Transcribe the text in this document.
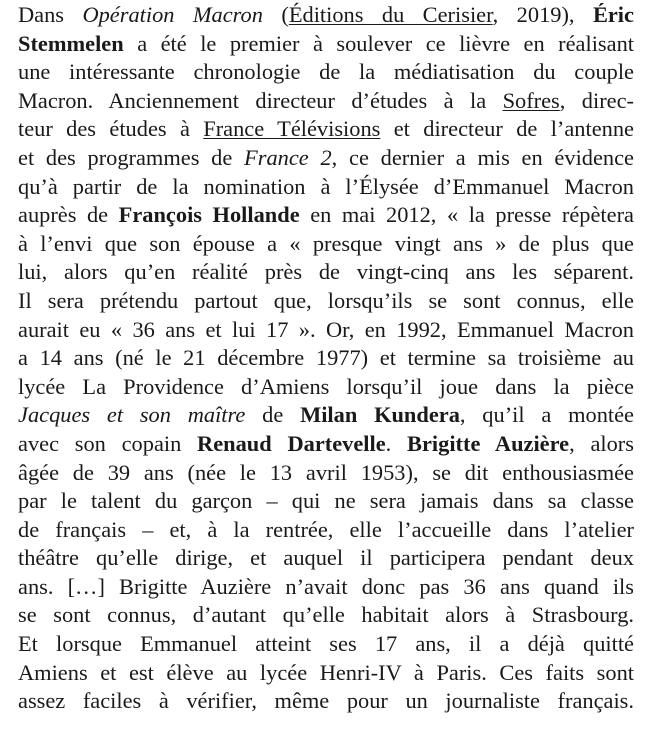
Dans Opération Macron (Éditions du Cerisier, 2019), Éric
Stemmelen a été le premier à soulever ce lièvre en réalisant
une intéressante chronologie de la médiatisation du couple
Macron. Anciennement directeur d’études à la Sofres, direc-
teur des études à France Télévisions et directeur de l’antenne
et des programmes de France 2, ce dernier a mis en évidence
qu’à partir de la nomination à l’Élysée d’Emmanuel Macron
auprès de François Hollande en mai 2012, « la presse répètera
à l’envi que son épouse a « presque vingt ans » de plus que
lui, alors qu’en réalité près de vingt-cinq ans les séparent.
Il sera prétendu partout que, lorsqu’ils se sont connus, elle
aurait eu « 36 ans et lui 17 ». Or, en 1992, Emmanuel Macron
a 14 ans (né le 21 décembre 1977) et termine sa troisième au
lycée La Providence d’Amiens lorsqu’il joue dans la pièce
Jacques et son maître de Milan Kundera, qu’il a montée
avec son copain Renaud Dartevelle. Brigitte Auzière, alors
âgée de 39 ans (née le 13 avril 1953), se dit enthousiasmée
par le talent du garçon – qui ne sera jamais dans sa classe
de français – et, à la rentrée, elle l’accueille dans l’atelier
théâtre qu’elle dirige, et auquel il participera pendant deux
ans. […] Brigitte Auzière n’avait donc pas 36 ans quand ils
se sont connus, d’autant qu’elle habitait alors à Strasbourg.
Et lorsque Emmanuel atteint ses 17 ans, il a déjà quitté
Amiens et est élève au lycée Henri-IV à Paris. Ces faits sont
assez faciles à vérifier, même pour un journaliste français.
